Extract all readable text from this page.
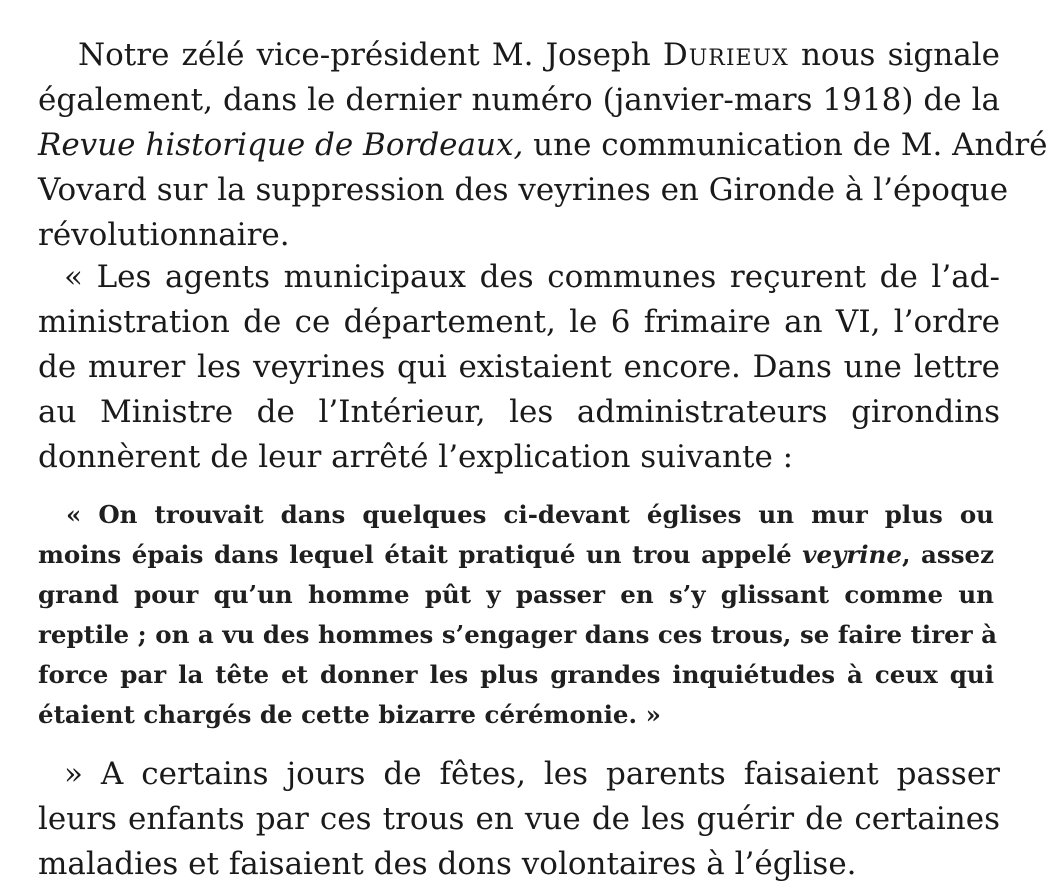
Notre zélé vice-président M. Joseph Durieux nous signale
également, dans le dernier numéro (janvier-mars 1918) de la
Revue historique de Bordeaux, une communication de M. André
Vovard sur la suppression des veyrines en Gironde à l’époque
révolutionnaire.

« Les agents municipaux des communes reçurent de l’ad-
ministration de ce département, le 6 frimaire an VI, l’ordre
de murer les veyrines qui existaient encore. Dans une lettre
au Ministre de l’Intérieur, les administrateurs girondins
donnèrent de leur arrêté l’explication suivante :

« On trouvait dans quelques ci-devant églises un mur plus ou
moins épais dans lequel était pratiqué un trou appelé veyrine, assez
grand pour qu’un homme pût y passer en s’y glissant comme un
reptile ; on a vu des hommes s’engager dans ces trous, se faire tirer à
force par la tête et donner les plus grandes inquiétudes à ceux qui
étaient chargés de cette bizarre cérémonie. »

» A certains jours de fêtes, les parents faisaient passer
leurs enfants par ces trous en vue de les guérir de certaines
maladies et faisaient des dons volontaires à l’église.
